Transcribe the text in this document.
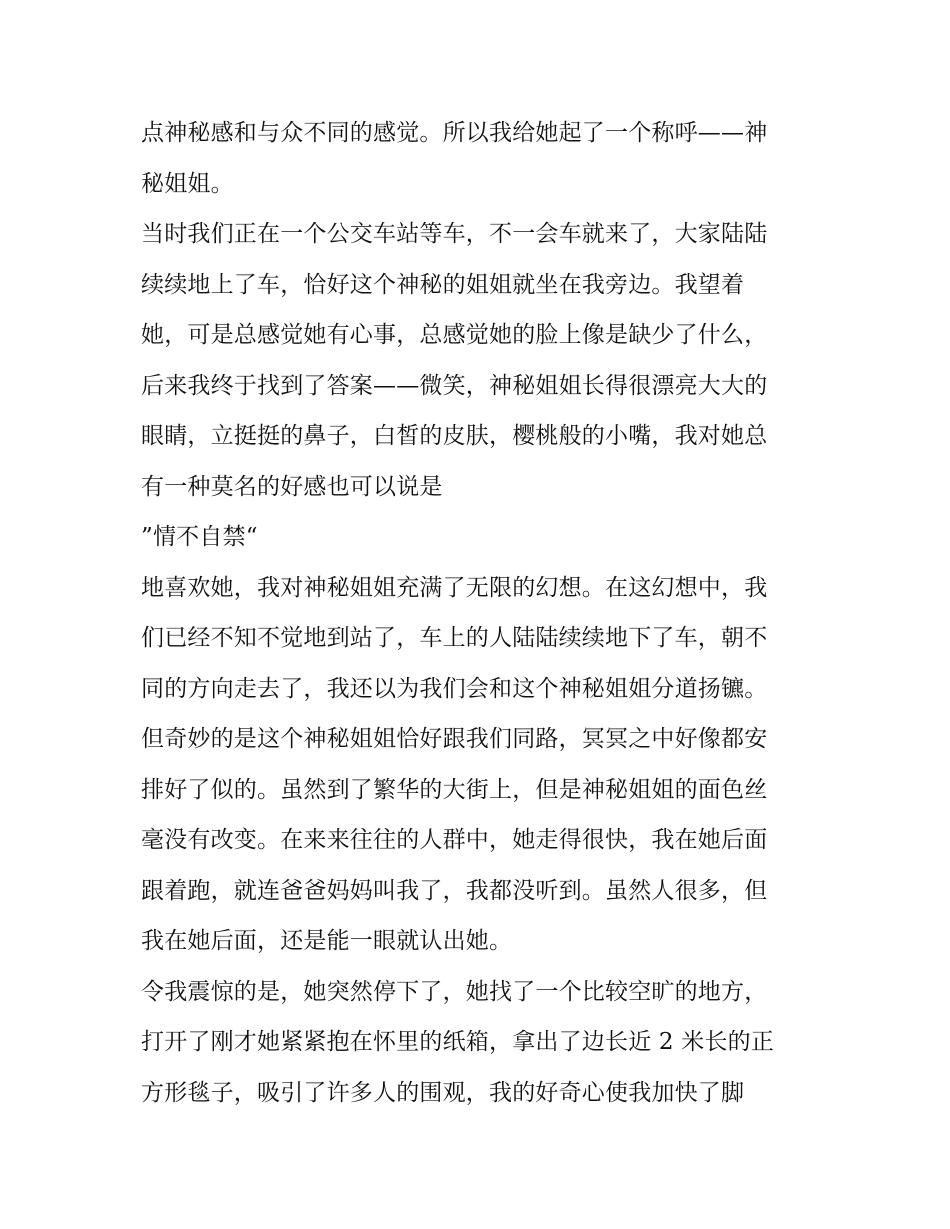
点神秘感和与众不同的感觉。所以我给她起了一个称呼——神
秘姐姐。
当时我们正在一个公交车站等车，不一会车就来了，大家陆陆
续续地上了车，恰好这个神秘的姐姐就坐在我旁边。我望着
她，可是总感觉她有心事，总感觉她的脸上像是缺少了什么，
后来我终于找到了答案——微笑，神秘姐姐长得很漂亮大大的
眼睛，立挺挺的鼻子，白皙的皮肤，樱桃般的小嘴，我对她总
有一种莫名的好感也可以说是
”情不自禁“
地喜欢她，我对神秘姐姐充满了无限的幻想。在这幻想中，我
们已经不知不觉地到站了，车上的人陆陆续续地下了车，朝不
同的方向走去了，我还以为我们会和这个神秘姐姐分道扬镳。
但奇妙的是这个神秘姐姐恰好跟我们同路，冥冥之中好像都安
排好了似的。虽然到了繁华的大街上，但是神秘姐姐的面色丝
毫没有改变。在来来往往的人群中，她走得很快，我在她后面
跟着跑，就连爸爸妈妈叫我了，我都没听到。虽然人很多，但
我在她后面，还是能一眼就认出她。
令我震惊的是，她突然停下了，她找了一个比较空旷的地方，
打开了刚才她紧紧抱在怀里的纸箱，拿出了边长近 2 米长的正
方形毯子，吸引了许多人的围观，我的好奇心使我加快了脚
